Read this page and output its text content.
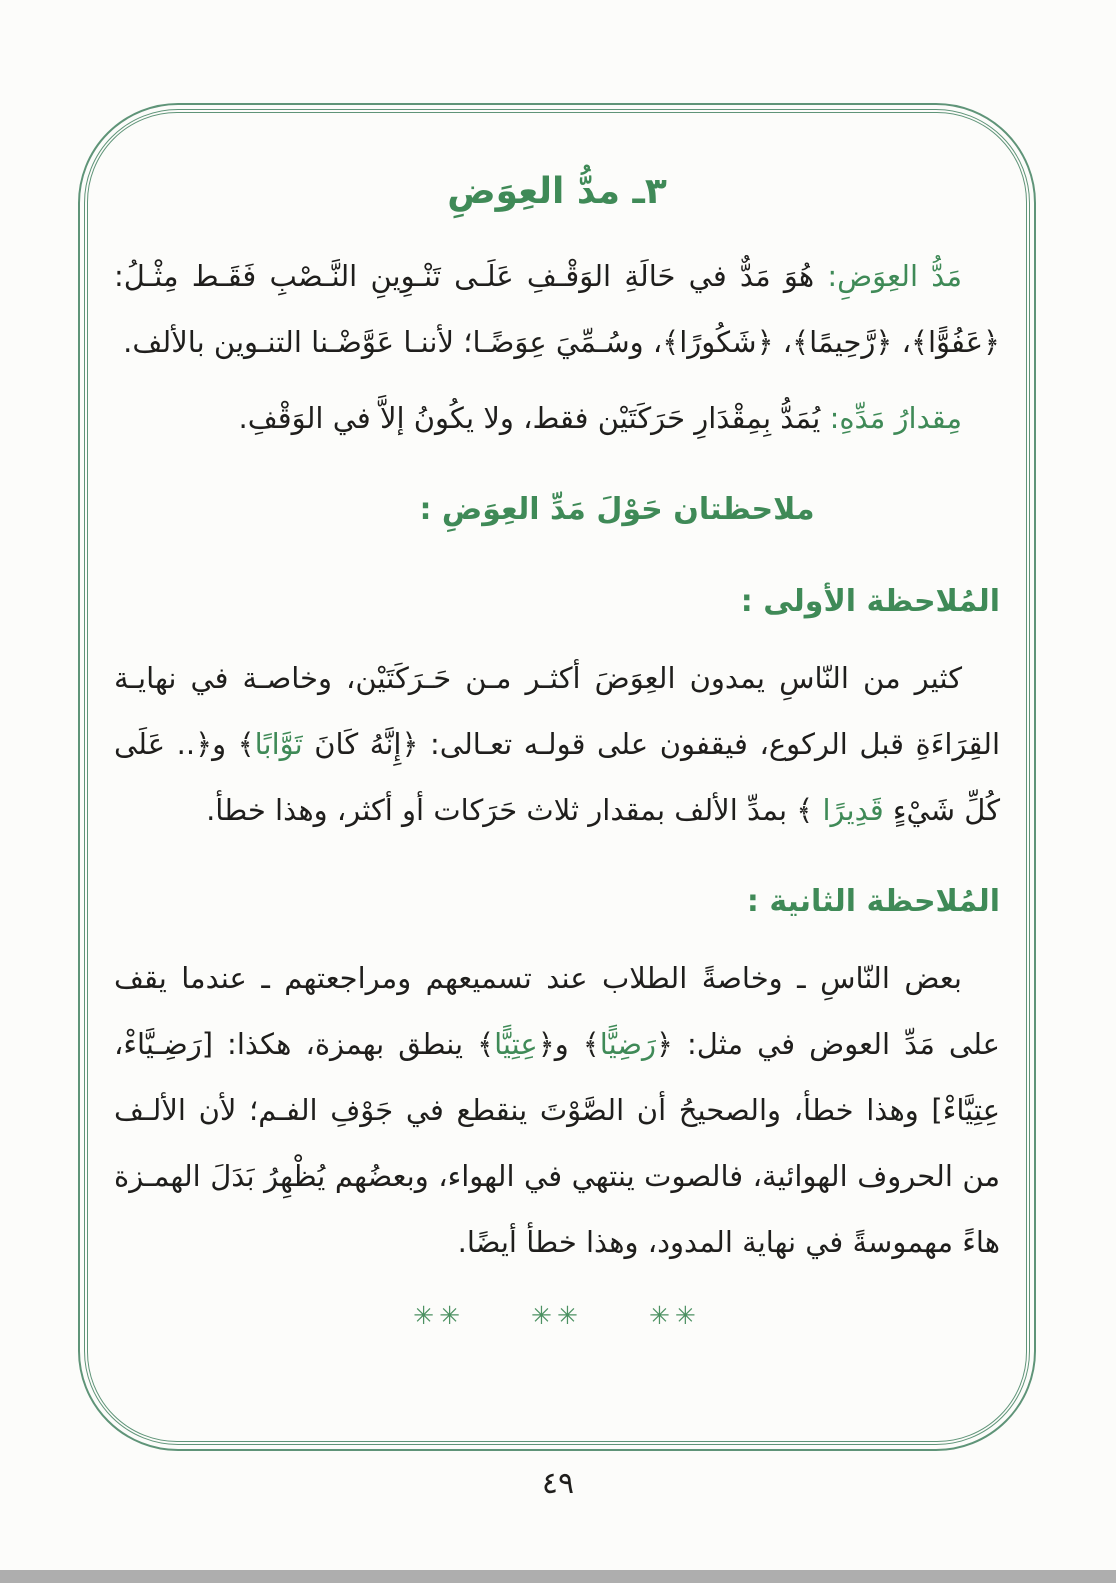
٣ـ مدُّ العِوَضِ

مَدُّ العِوَضِ: هُوَ مَدٌّ في حَالَةِ الوَقْـفِ عَلَـى تَنْـوِينِ النَّـصْبِ فَقَـط مِثْـلُ: ﴿عَفُوًّا﴾، ﴿رَّحِيمًا﴾، ﴿شَكُورًا﴾، وسُـمِّيَ عِوَضًـا؛ لأننـا عَوَّضْـنا التنـوين بالألف.

مِقدارُ مَدِّهِ: يُمَدُّ بِمِقْدَارِ حَرَكَتَيْن فقط، ولا يكُونُ إلاَّ في الوَقْفِ.

ملاحظتان حَوْلَ مَدِّ العِوَضِ :
المُلاحظة الأولى :

كثير من النّاسِ يمدون العِوَضَ أكثـر مـن حَـرَكَتَيْن، وخاصـة في نهايـة القِرَاءَةِ قبل الركوع، فيقفون على قولـه تعـالى: ﴿إِنَّهُ كَانَ تَوَّابًا﴾ و﴿.. عَلَى كُلِّ شَيْءٍ قَدِيرًا ﴾ بمدِّ الألف بمقدار ثلاث حَرَكات أو أكثر، وهذا خطأ.

المُلاحظة الثانية :

بعض النّاسِ ـ وخاصةً الطلاب عند تسميعهم ومراجعتهم ـ عندما يقف على مَدِّ العوض في مثل: ﴿رَضِيًّا﴾ و﴿عِتِيًّا﴾ ينطق بهمزة، هكذا: [رَضِـيَّاءْ، عِتِيَّاءْ] وهذا خطأ، والصحيحُ أن الصَّوْتَ ينقطع في جَوْفِ الفـم؛ لأن الألـف من الحروف الهوائية، فالصوت ينتهي في الهواء، وبعضُهم يُظْهِرُ بَدَلَ الهمـزة هاءً مهموسةً في نهاية المدود، وهذا خطأ أيضًا.

✳✳	✳✳	✳✳
٤٩
